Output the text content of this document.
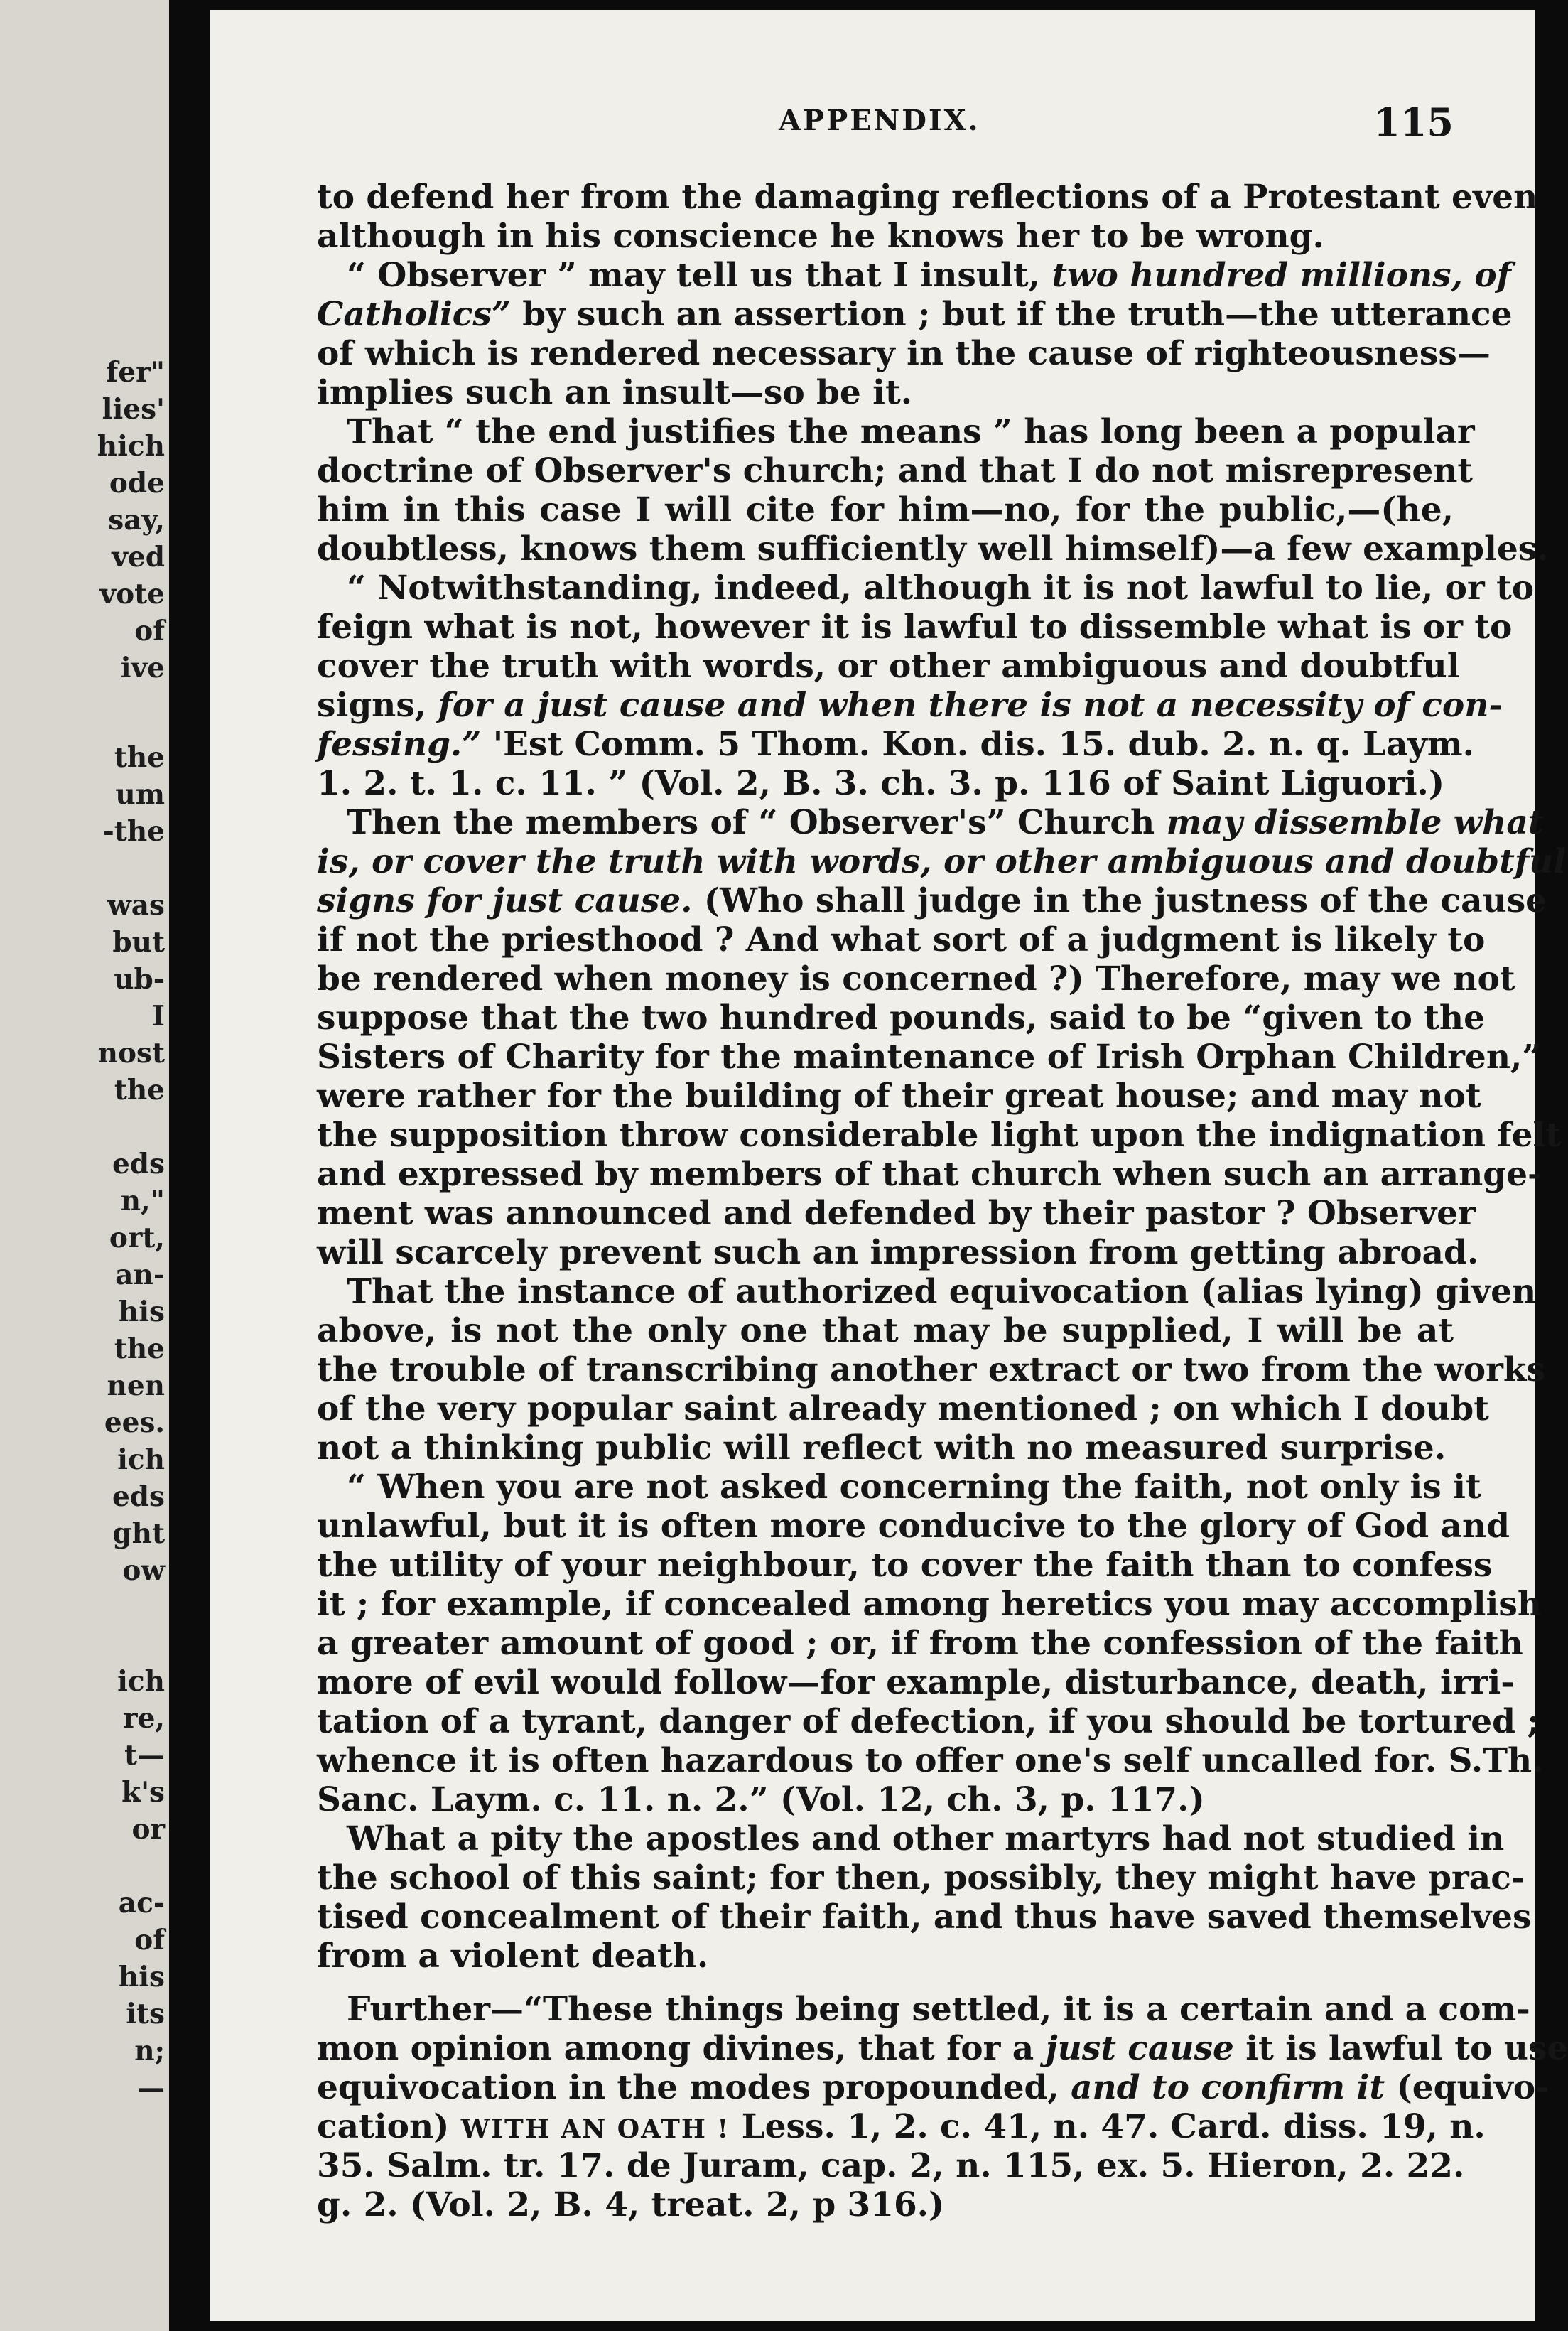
fer"
lies'
hich
ode
say,
ved
vote
of
ive
the
um
-the
was
but
ub-
I
nost
the
eds
n,"
ort,
an-
his
the
nen
ees.
ich
eds
ght
ow
ich
re,
t—
k's
or
ac-
of
his
its
n;
—
APPENDIX.	115
to defend her from the damaging reflections of a Protestant even
although in his conscience he knows her to be wrong.
“ Observer ” may tell us that I insult, two hundred millions, of
Catholics” by such an assertion ; but if the truth—the utterance
of which is rendered necessary in the cause of righteousness—
implies such an insult—so be it.
That “ the end justifies the means ” has long been a popular
doctrine of Observer's church; and that I do not misrepresent
him in this case I will cite for him—no, for the public,—(he,
doubtless, knows them sufficiently well himself)—a few examples.
“ Notwithstanding, indeed, although it is not lawful to lie, or to
feign what is not, however it is lawful to dissemble what is or to
cover the truth with words, or other ambiguous and doubtful
signs, for a just cause and when there is not a necessity of con-
fessing.” 'Est Comm. 5 Thom. Kon. dis. 15. dub. 2. n. q. Laym.
1. 2. t. 1. c. 11. ” (Vol. 2, B. 3. ch. 3. p. 116 of Saint Liguori.)
Then the members of “ Observer's” Church may dissemble what
is, or cover the truth with words, or other ambiguous and doubtful
signs for just cause. (Who shall judge in the justness of the cause
if not the priesthood ? And what sort of a judgment is likely to
be rendered when money is concerned ?) Therefore, may we not
suppose that the two hundred pounds, said to be “given to the
Sisters of Charity for the maintenance of Irish Orphan Children,”
were rather for the building of their great house; and may not
the supposition throw considerable light upon the indignation felt
and expressed by members of that church when such an arrange-
ment was announced and defended by their pastor ? Observer
will scarcely prevent such an impression from getting abroad.
That the instance of authorized equivocation (alias lying) given
above, is not the only one that may be supplied, I will be at
the trouble of transcribing another extract or two from the works
of the very popular saint already mentioned ; on which I doubt
not a thinking public will reflect with no measured surprise.
“ When you are not asked concerning the faith, not only is it
unlawful, but it is often more conducive to the glory of God and
the utility of your neighbour, to cover the faith than to confess
it ; for example, if concealed among heretics you may accomplish
a greater amount of good ; or, if from the confession of the faith
more of evil would follow—for example, disturbance, death, irri-
tation of a tyrant, danger of defection, if you should be tortured ;
whence it is often hazardous to offer one's self uncalled for. S.Th.
Sanc. Laym. c. 11. n. 2.” (Vol. 12, ch. 3, p. 117.)
What a pity the apostles and other martyrs had not studied in
the school of this saint; for then, possibly, they might have prac-
tised concealment of their faith, and thus have saved themselves
from a violent death.
Further—“These things being settled, it is a certain and a com-
mon opinion among divines, that for a just cause it is lawful to use
equivocation in the modes propounded, and to confirm it (equivo-
cation) WITH AN OATH ! Less. 1, 2. c. 41, n. 47. Card. diss. 19, n.
35. Salm. tr. 17. de Juram, cap. 2, n. 115, ex. 5. Hieron, 2. 22.
g. 2. (Vol. 2, B. 4, treat. 2, p 316.)
